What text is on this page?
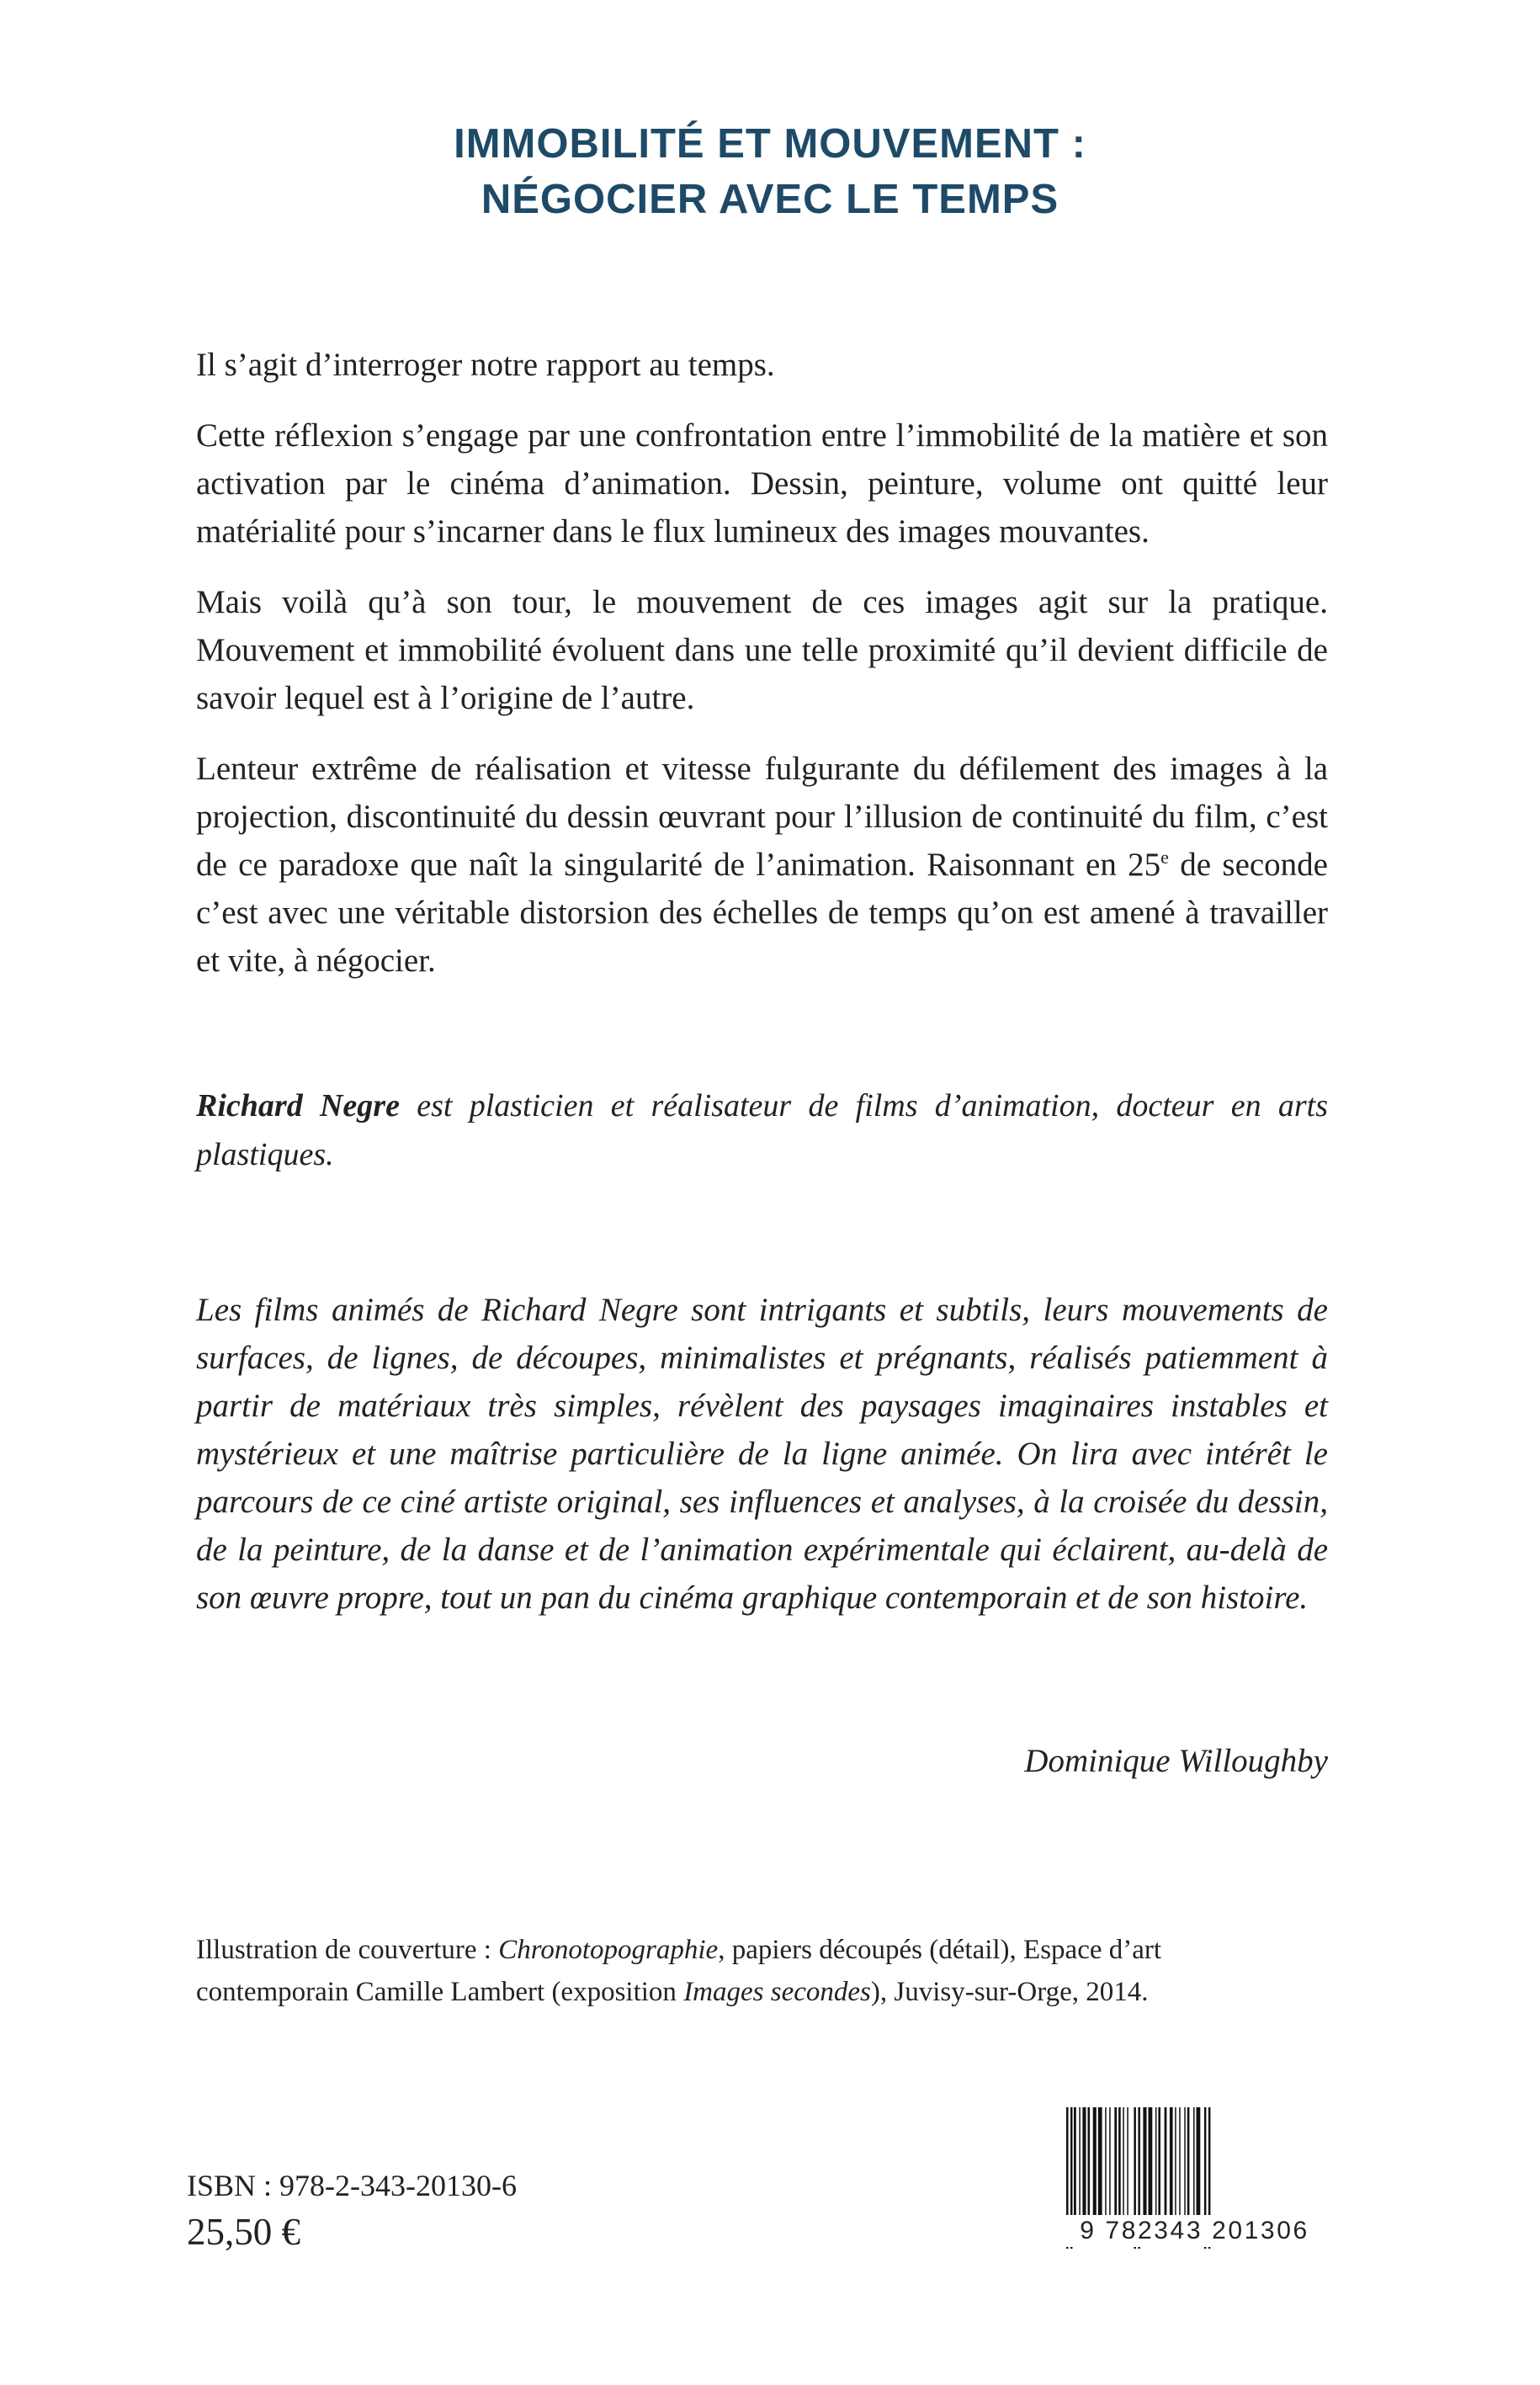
IMMOBILITÉ ET MOUVEMENT :
NÉGOCIER AVEC LE TEMPS

Il s’agit d’interroger notre rapport au temps.

Cette réflexion s’engage par une confrontation entre l’immobilité de la matière et son activation par le cinéma d’animation. Dessin, peinture, volume ont quitté leur matérialité pour s’incarner dans le flux lumineux des images mouvantes.

Mais voilà qu’à son tour, le mouvement de ces images agit sur la pratique. Mouvement et immobilité évoluent dans une telle proximité qu’il devient difficile de savoir lequel est à l’origine de l’autre.

Lenteur extrême de réalisation et vitesse fulgurante du défilement des images à la projection, discontinuité du dessin œuvrant pour l’illusion de continuité du film, c’est de ce paradoxe que naît la singularité de l’animation. Raisonnant en 25e de seconde c’est avec une véritable distorsion des échelles de temps qu’on est amené à travailler et vite, à négocier.

Richard Negre est plasticien et réalisateur de films d’animation, docteur en arts plastiques.

Les films animés de Richard Negre sont intrigants et subtils, leurs mouvements de surfaces, de lignes, de découpes, minimalistes et prégnants, réalisés patiemment à partir de matériaux très simples, révèlent des paysages imaginaires instables et mystérieux et une maîtrise particulière de la ligne animée. On lira avec intérêt le parcours de ce ciné artiste original, ses influences et analyses, à la croisée du dessin, de la peinture, de la danse et de l’animation expérimentale qui éclairent, au-delà de son œuvre propre, tout un pan du cinéma graphique contemporain et de son histoire.

Dominique Willoughby
Illustration de couverture : Chronotopographie, papiers découpés (détail), Espace d’art
contemporain Camille Lambert (exposition Images secondes), Juvisy-sur-Orge, 2014.
ISBN : 978-2-343-20130-6
25,50 €	9 782343 201306
